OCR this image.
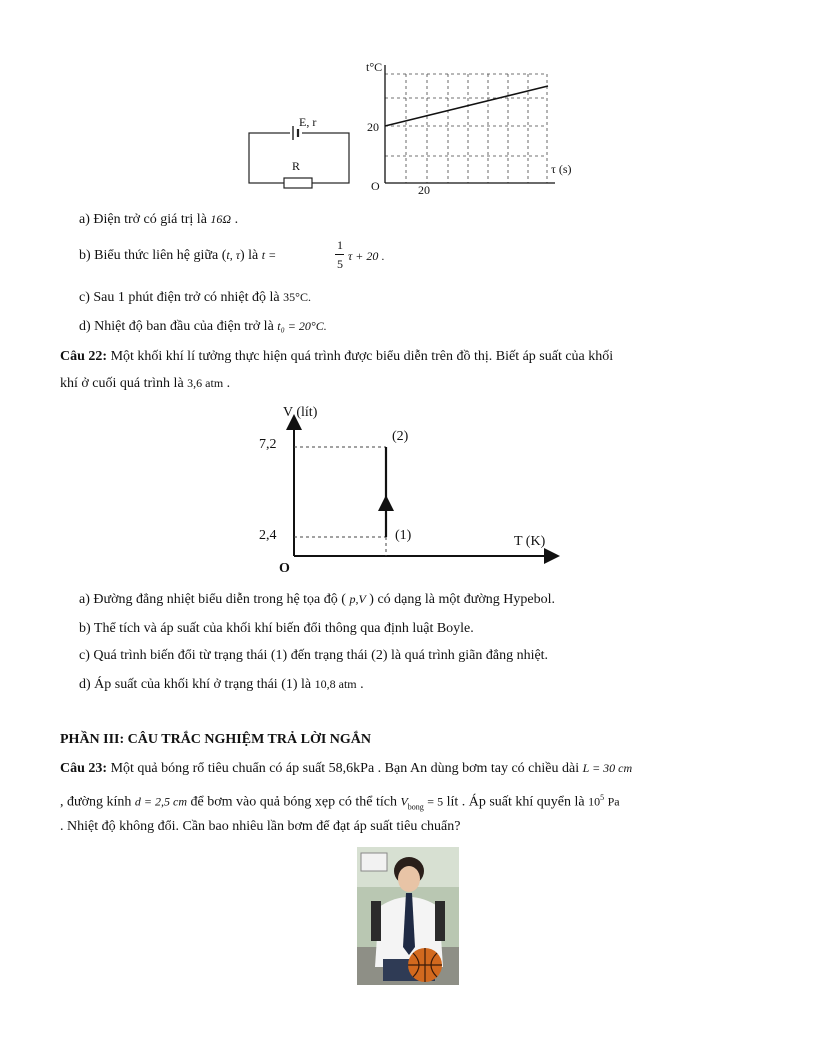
E, r
R
t°C
20
O	20
τ (s)
a) Điện trở có giá trị là 16Ω .
b) Biểu thức liên hệ giữa (t, τ) là t =
1
5
τ + 20 .
c) Sau 1 phút điện trở có nhiệt độ là 35°C.
d) Nhiệt độ ban đầu của điện trở là t₀ = 20°C.
Câu 22: Một khối khí lí tưởng thực hiện quá trình được biểu diễn trên đồ thị. Biết áp suất của khối
khí ở cuối quá trình là 3,6 atm .
V (lít)
7,2
2,4
(2)
(1)	T (K)
O
a) Đường đẳng nhiệt biểu diễn trong hệ tọa độ ( p,V ) có dạng là một đường Hypebol.
b) Thể tích và áp suất của khối khí biến đổi thông qua định luật Boyle.
c) Quá trình biến đổi từ trạng thái (1) đến trạng thái (2) là quá trình giãn đẳng nhiệt.
d) Áp suất của khối khí ở trạng thái (1) là 10,8 atm .
PHẦN III: CÂU TRẮC NGHIỆM TRẢ LỜI NGẮN
Câu 23: Một quả bóng rổ tiêu chuẩn có áp suất 58,6kPa . Bạn An dùng bơm tay có chiều dài L = 30 cm
, đường kính d = 2,5 cm để bơm vào quả bóng xẹp có thể tích $V_{bong} = 5$ lít . Áp suất khí quyển là $10^5$ Pa
. Nhiệt độ không đổi. Cần bao nhiêu lần bơm để đạt áp suất tiêu chuẩn?
